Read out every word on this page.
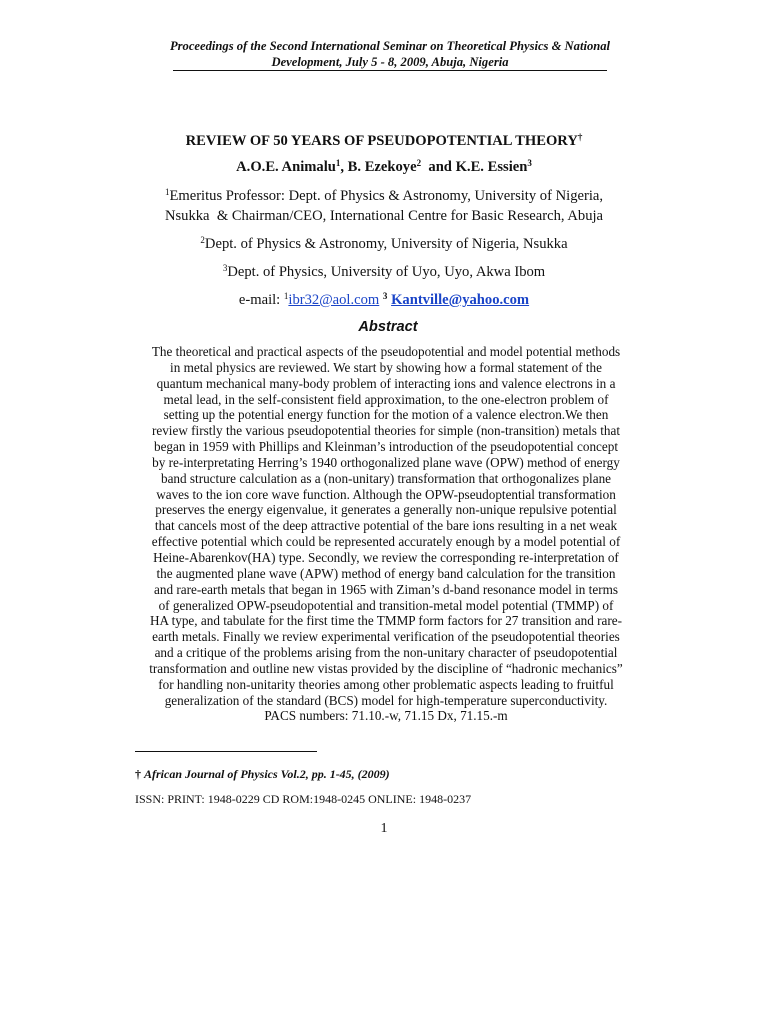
Proceedings of the Second International Seminar on Theoretical Physics & National
Development, July 5 - 8, 2009, Abuja, Nigeria
REVIEW OF 50 YEARS OF PSEUDOPOTENTIAL THEORY†
A.O.E. Animalu$^1$, B. Ezekoye$^2$  and K.E. Essien$^3$
$^1$Emeritus Professor: Dept. of Physics & Astronomy, University of Nigeria,
Nsukka  & Chairman/CEO, International Centre for Basic Research, Abuja
$^2$Dept. of Physics & Astronomy, University of Nigeria, Nsukka
$^3$Dept. of Physics, University of Uyo, Uyo, Akwa Ibom
e-mail: $^1$ibr32@aol.com $^3$ Kantville@yahoo.com
Abstract
The theoretical and practical aspects of the pseudopotential and model potential methods
in metal physics are reviewed. We start by showing how a formal statement of the
quantum mechanical many-body problem of interacting ions and valence electrons in a
metal lead, in the self-consistent field approximation, to the one-electron problem of
setting up the potential energy function for the motion of a valence electron.We then
review firstly the various pseudopotential theories for simple (non-transition) metals that
began in 1959 with Phillips and Kleinman’s introduction of the pseudopotential concept
by re-interpretating Herring’s 1940 orthogonalized plane wave (OPW) method of energy
band structure calculation as a (non-unitary) transformation that orthogonalizes plane
waves to the ion core wave function. Although the OPW-pseudoptential transformation
preserves the energy eigenvalue, it generates a generally non-unique repulsive potential
that cancels most of the deep attractive potential of the bare ions resulting in a net weak
effective potential which could be represented accurately enough by a model potential of
Heine-Abarenkov(HA) type. Secondly, we review the corresponding re-interpretation of
the augmented plane wave (APW) method of energy band calculation for the transition
and rare-earth metals that began in 1965 with Ziman’s d-band resonance model in terms
of generalized OPW-pseudopotential and transition-metal model potential (TMMP) of
HA type, and tabulate for the first time the TMMP form factors for 27 transition and rare-
earth metals. Finally we review experimental verification of the pseudopotential theories
and a critique of the problems arising from the non-unitary character of pseudopotential
transformation and outline new vistas provided by the discipline of “hadronic mechanics”
for handling non-unitarity theories among other problematic aspects leading to fruitful
generalization of the standard (BCS) model for high-temperature superconductivity.
PACS numbers: 71.10.-w, 71.15 Dx, 71.15.-m
† African Journal of Physics Vol.2, pp. 1-45, (2009)
ISSN: PRINT: 1948-0229 CD ROM:1948-0245 ONLINE: 1948-0237
1
